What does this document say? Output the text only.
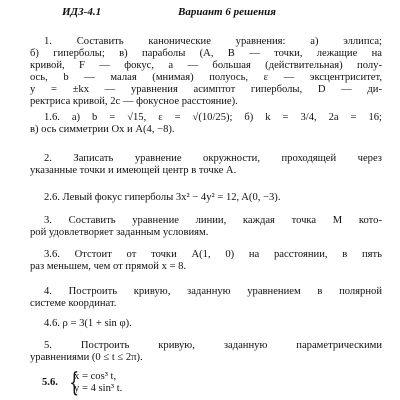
ИДЗ-4.1	Вариант 6 решения
1. Составить канонические уравнения: а) эллипса;
б) гиперболы; в) параболы (A, B — точки, лежащие на
кривой, F — фокус, a — большая (действительная) полу-
ось, b — малая (мнимая) полуось, ε — эксцентриситет,
y = ±kx — уравнения асимптот гиперболы, D — ди-
ректриса кривой, 2c — фокусное расстояние).
1.6. а) b = √15, ε = √(10/25); б) k = 3/4, 2a = 16;
в) ось симметрии Ox и A(4, −8).
2. Записать уравнение окружности, проходящей через
указанные точки и имеющей центр в точке A.
2.6. Левый фокус гиперболы 3x² − 4y² = 12, A(0, −3).
3. Составить уравнение линии, каждая точка M кото-
рой удовлетворяет заданным условиям.
3.6. Отстоит от точки A(1, 0) на расстоянии, в пять
раз меньшем, чем от прямой x = 8.
4. Построить кривую, заданную уравнением в полярной
системе координат.
4.6. ρ = 3(1 + sin φ).
5. Построить кривую, заданную параметрическими
уравнениями (0 ≤ t ≤ 2π).
5.6. {
x = cos³ t,
y = 4 sin³ t.
